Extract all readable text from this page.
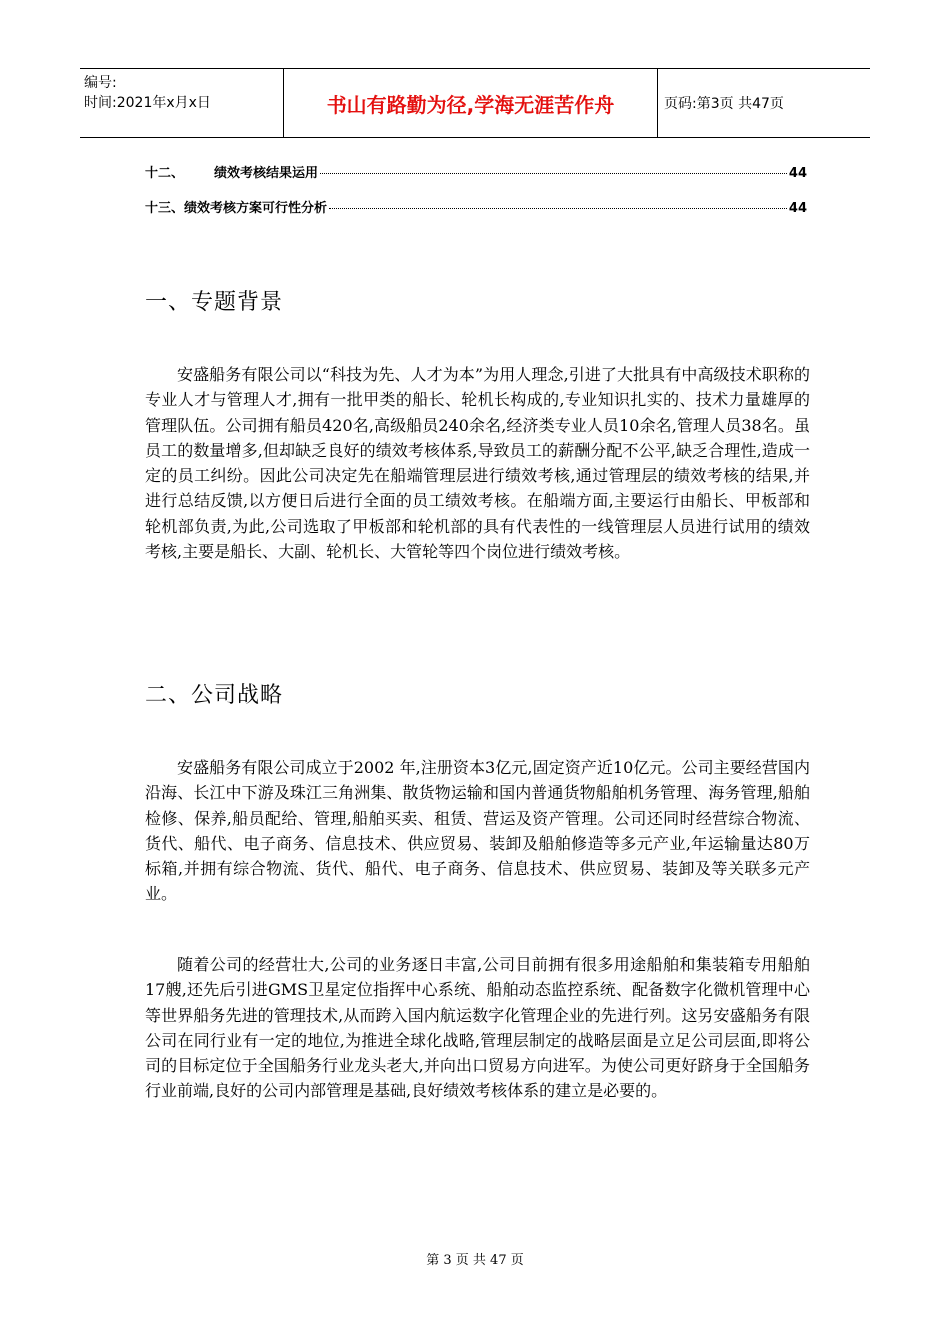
编号:
时间:2021年x月x日	书山有路勤为径,学海无涯苦作舟	页码:第3页 共47页
十二、 绩效考核结果运用	44
十三、 绩效考核方案可行性分析	44
一、专题背景

安盛船务有限公司以“科技为先、人才为本”为用人理念,引进了大批具有中高级技术职称的专业人才与管理人才,拥有一批甲类的船长、轮机长构成的,专业知识扎实的、技术力量雄厚的管理队伍。公司拥有船员420名,高级船员240余名,经济类专业人员10余名,管理人员38名。虽员工的数量增多,但却缺乏良好的绩效考核体系,导致员工的薪酬分配不公平,缺乏合理性,造成一定的员工纠纷。因此公司决定先在船端管理层进行绩效考核,通过管理层的绩效考核的结果,并进行总结反馈,以方便日后进行全面的员工绩效考核。在船端方面,主要运行由船长、甲板部和轮机部负责,为此,公司选取了甲板部和轮机部的具有代表性的一线管理层人员进行试用的绩效考核,主要是船长、大副、轮机长、大管轮等四个岗位进行绩效考核。

二、公司战略

安盛船务有限公司成立于2002 年,注册资本3亿元,固定资产近10亿元。公司主要经营国内沿海、长江中下游及珠江三角洲集、散货物运输和国内普通货物船舶机务管理、海务管理,船舶检修、保养,船员配给、管理,船舶买卖、租赁、营运及资产管理。公司还同时经营综合物流、货代、船代、电子商务、信息技术、供应贸易、装卸及船舶修造等多元产业,年运输量达80万标箱,并拥有综合物流、货代、船代、电子商务、信息技术、供应贸易、装卸及等关联多元产业。

随着公司的经营壮大,公司的业务逐日丰富,公司目前拥有很多用途船舶和集装箱专用船舶17艘,还先后引进GMS卫星定位指挥中心系统、船舶动态监控系统、配备数字化微机管理中心等世界船务先进的管理技术,从而跨入国内航运数字化管理企业的先进行列。这另安盛船务有限公司在同行业有一定的地位,为推进全球化战略,管理层制定的战略层面是立足公司层面,即将公司的目标定位于全国船务行业龙头老大,并向出口贸易方向进军。为使公司更好跻身于全国船务行业前端,良好的公司内部管理是基础,良好绩效考核体系的建立是必要的。

第 3 页 共 47 页
